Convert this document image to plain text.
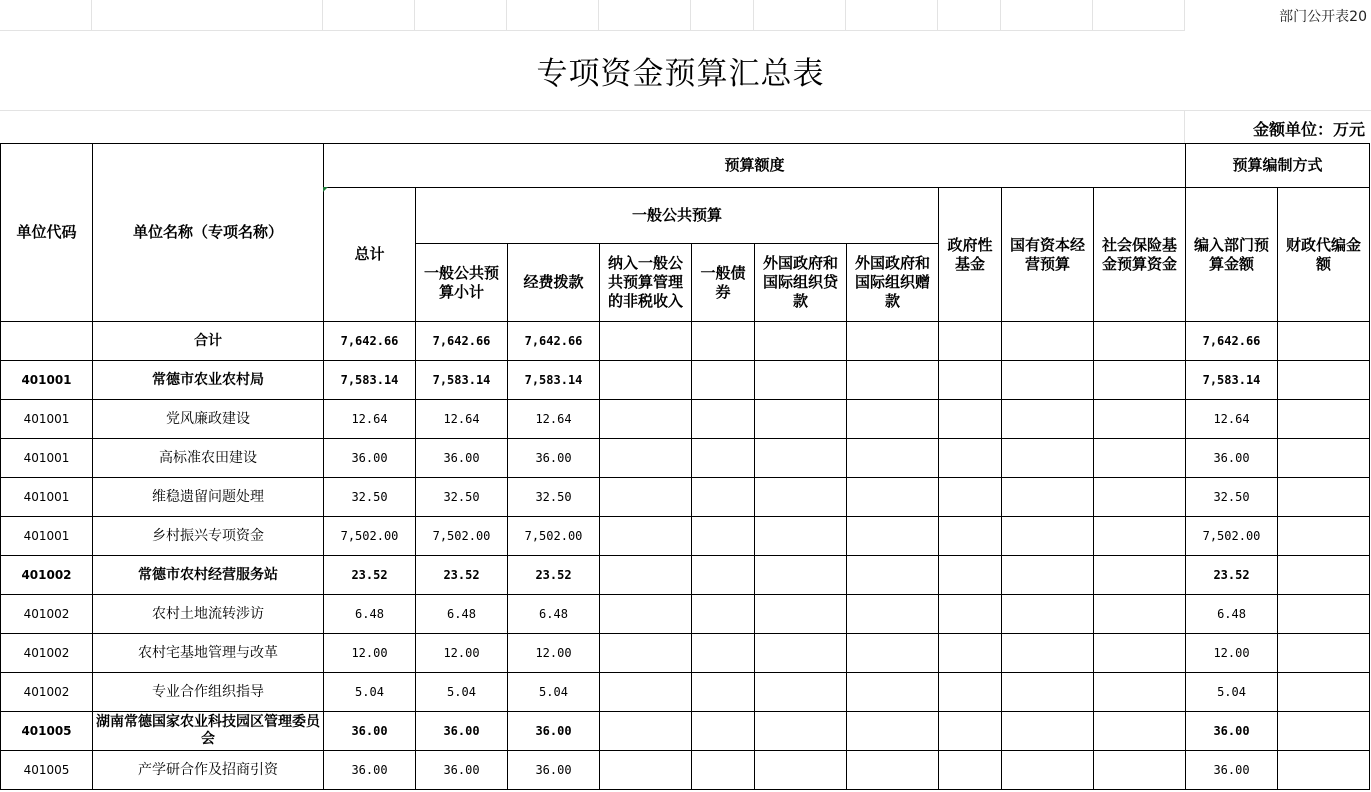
部门公开表20
专项资金预算汇总表
金额单位：万元
单位代码	单位名称（专项名称）	预算额度										预算编制方式	
		总计	一般公共预算						政府性基金	国有资本经营预算	社会保险基金预算资金	编入部门预算金额	财政代编金额
			一般公共预算小计	经费拨款	纳入一般公共预算管理的非税收入	一般债券	外国政府和国际组织贷款	外国政府和国际组织赠款					
	合计	7,642.66	7,642.66	7,642.66								7,642.66	
401001	常德市农业农村局	7,583.14	7,583.14	7,583.14								7,583.14	
401001	党风廉政建设	12.64	12.64	12.64								12.64	
401001	高标准农田建设	36.00	36.00	36.00								36.00	
401001	维稳遗留问题处理	32.50	32.50	32.50								32.50	
401001	乡村振兴专项资金	7,502.00	7,502.00	7,502.00								7,502.00	
401002	常德市农村经营服务站	23.52	23.52	23.52								23.52	
401002	农村土地流转涉访	6.48	6.48	6.48								6.48	
401002	农村宅基地管理与改革	12.00	12.00	12.00								12.00	
401002	专业合作组织指导	5.04	5.04	5.04								5.04	
401005	湖南常德国家农业科技园区管理委员会	36.00	36.00	36.00								36.00	
401005	产学研合作及招商引资	36.00	36.00	36.00								36.00	
